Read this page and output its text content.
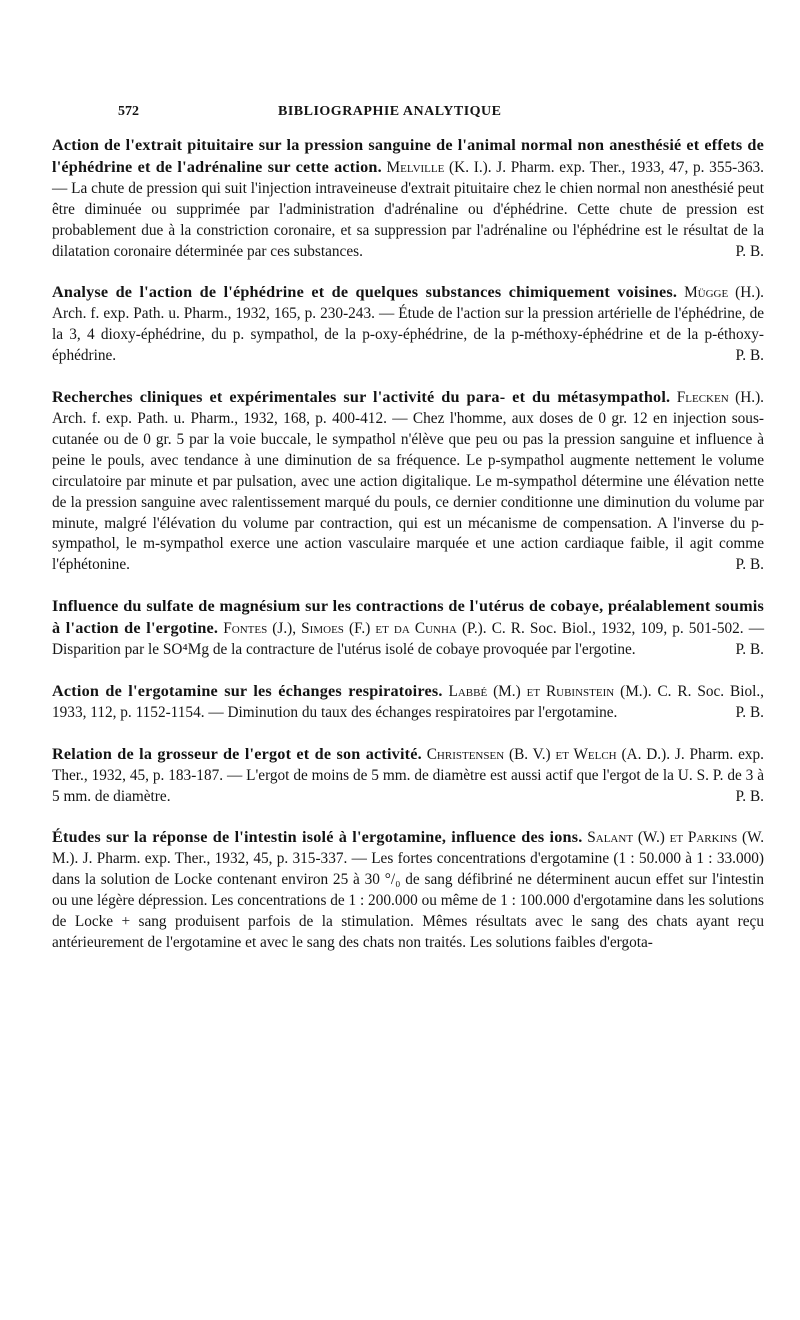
572	BIBLIOGRAPHIE ANALYTIQUE

Action de l'extrait pituitaire sur la pression sanguine de l'animal normal non anesthésié et effets de l'éphédrine et de l'adrénaline sur cette action. Melville (K. I.). J. Pharm. exp. Ther., 1933, 47, p. 355-363. — La chute de pression qui suit l'injection intraveineuse d'extrait pituitaire chez le chien normal non anesthésié peut être diminuée ou supprimée par l'administration d'adrénaline ou d'éphédrine. Cette chute de pression est probablement due à la constriction coronaire, et sa suppression par l'adrénaline ou l'éphédrine est le résultat de la dilatation coronaire déterminée par ces substances.	P. B.

Analyse de l'action de l'éphédrine et de quelques substances chimiquement voisines. Mügge (H.). Arch. f. exp. Path. u. Pharm., 1932, 165, p. 230-243. — Étude de l'action sur la pression artérielle de l'éphédrine, de la 3, 4 dioxy-éphédrine, du p. sympathol, de la p-oxy-éphédrine, de la p-méthoxy-éphédrine et de la p-éthoxy-éphédrine.	P. B.

Recherches cliniques et expérimentales sur l'activité du para- et du métasympathol. Flecken (H.). Arch. f. exp. Path. u. Pharm., 1932, 168, p. 400-412. — Chez l'homme, aux doses de 0 gr. 12 en injection sous-cutanée ou de 0 gr. 5 par la voie buccale, le sympathol n'élève que peu ou pas la pression sanguine et influence à peine le pouls, avec tendance à une diminution de sa fréquence. Le p-sympathol augmente nettement le volume circulatoire par minute et par pulsation, avec une action digitalique. Le m-sympathol détermine une élévation nette de la pression sanguine avec ralentissement marqué du pouls, ce dernier conditionne une diminution du volume par minute, malgré l'élévation du volume par contraction, qui est un mécanisme de compensation. A l'inverse du p-sympathol, le m-sympathol exerce une action vasculaire marquée et une action cardiaque faible, il agit comme l'éphétonine.	P. B.

Influence du sulfate de magnésium sur les contractions de l'utérus de cobaye, préalablement soumis à l'action de l'ergotine. Fontes (J.), Simoes (F.) et da Cunha (P.). C. R. Soc. Biol., 1932, 109, p. 501-502. — Disparition par le SO⁴Mg de la contracture de l'utérus isolé de cobaye provoquée par l'ergotine.	P. B.

Action de l'ergotamine sur les échanges respiratoires. Labbé (M.) et Rubinstein (M.). C. R. Soc. Biol., 1933, 112, p. 1152-1154. — Diminution du taux des échanges respiratoires par l'ergotamine.	P. B.

Relation de la grosseur de l'ergot et de son activité. Christensen (B. V.) et Welch (A. D.). J. Pharm. exp. Ther., 1932, 45, p. 183-187. — L'ergot de moins de 5 mm. de diamètre est aussi actif que l'ergot de la U. S. P. de 3 à 5 mm. de diamètre.	P. B.

Études sur la réponse de l'intestin isolé à l'ergotamine, influence des ions. Salant (W.) et Parkins (W. M.). J. Pharm. exp. Ther., 1932, 45, p. 315-337. — Les fortes concentrations d'ergotamine (1 : 50.000 à 1 : 33.000) dans la solution de Locke contenant environ 25 à 30 °/₀ de sang défibriné ne déterminent aucun effet sur l'intestin ou une légère dépression. Les concentrations de 1 : 200.000 ou même de 1 : 100.000 d'ergotamine dans les solutions de Locke + sang produisent parfois de la stimulation. Mêmes résultats avec le sang des chats ayant reçu antérieurement de l'ergotamine et avec le sang des chats non traités. Les solutions faibles d'ergota-
